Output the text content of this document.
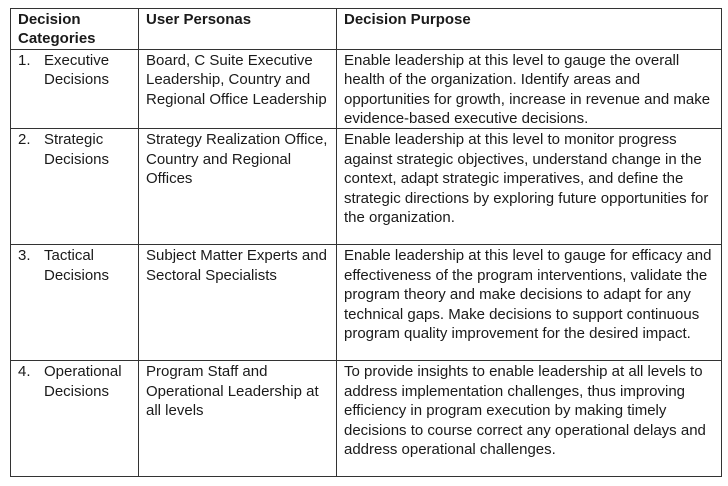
Decision Categories	User Personas	Decision Purpose

1. Executive Decisions	Board, C Suite Executive Leadership, Country and Regional Office Leadership	Enable leadership at this level to gauge the overall health of the organization. Identify areas and opportunities for growth, increase in revenue and make evidence-based executive decisions.

2. Strategic Decisions	Strategy Realization Office, Country and Regional Offices	Enable leadership at this level to monitor progress against strategic objectives, understand change in the context, adapt strategic imperatives, and define the strategic directions by exploring future opportunities for the organization.

3. Tactical Decisions	Subject Matter Experts and Sectoral Specialists	Enable leadership at this level to gauge for efficacy and effectiveness of the program interventions, validate the program theory and make decisions to adapt for any technical gaps. Make decisions to support continuous program quality improvement for the desired impact.

4. Operational Decisions	Program Staff and Operational Leadership at all levels	To provide insights to enable leadership at all levels to address implementation challenges, thus improving efficiency in program execution by making timely decisions to course correct any operational delays and address operational challenges.
